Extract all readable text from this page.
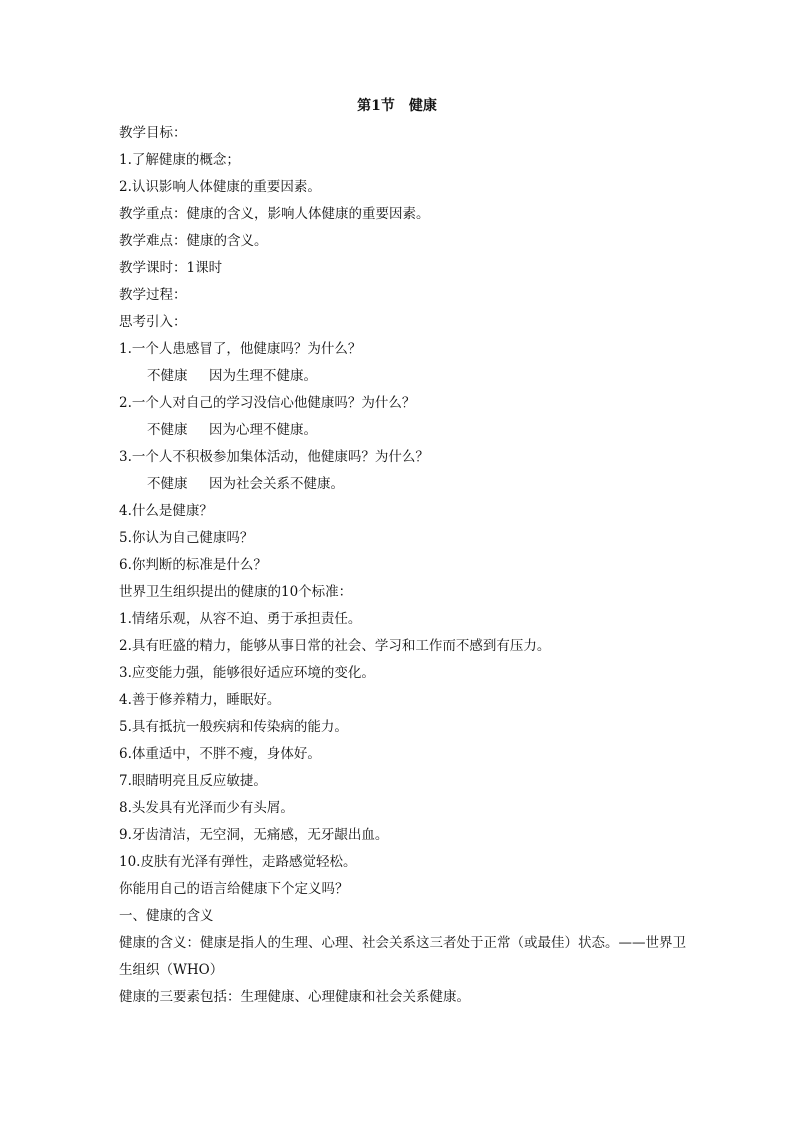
第1节　健康
教学目标：
1.了解健康的概念；
2.认识影响人体健康的重要因素。
教学重点：健康的含义，影响人体健康的重要因素。
教学难点：健康的含义。
教学课时：1课时
教学过程：
思考引入：
1.一个人患感冒了，他健康吗？为什么？
不健康     因为生理不健康。
2.一个人对自己的学习没信心他健康吗？为什么？
不健康     因为心理不健康。
3.一个人不积极参加集体活动，他健康吗？为什么？
不健康     因为社会关系不健康。
4.什么是健康？
5.你认为自己健康吗？
6.你判断的标准是什么？
世界卫生组织提出的健康的10个标准：
1.情绪乐观，从容不迫、勇于承担责任。
2.具有旺盛的精力，能够从事日常的社会、学习和工作而不感到有压力。
3.应变能力强，能够很好适应环境的变化。
4.善于修养精力，睡眠好。
5.具有抵抗一般疾病和传染病的能力。
6.体重适中，不胖不瘦，身体好。
7.眼睛明亮且反应敏捷。
8.头发具有光泽而少有头屑。
9.牙齿清洁，无空洞，无痛感，无牙龈出血。
10.皮肤有光泽有弹性，走路感觉轻松。
你能用自己的语言给健康下个定义吗？
一、健康的含义
健康的含义：健康是指人的生理、心理、社会关系这三者处于正常（或最佳）状态。——世界卫生组织（WHO）
健康的三要素包括：生理健康、心理健康和社会关系健康。
